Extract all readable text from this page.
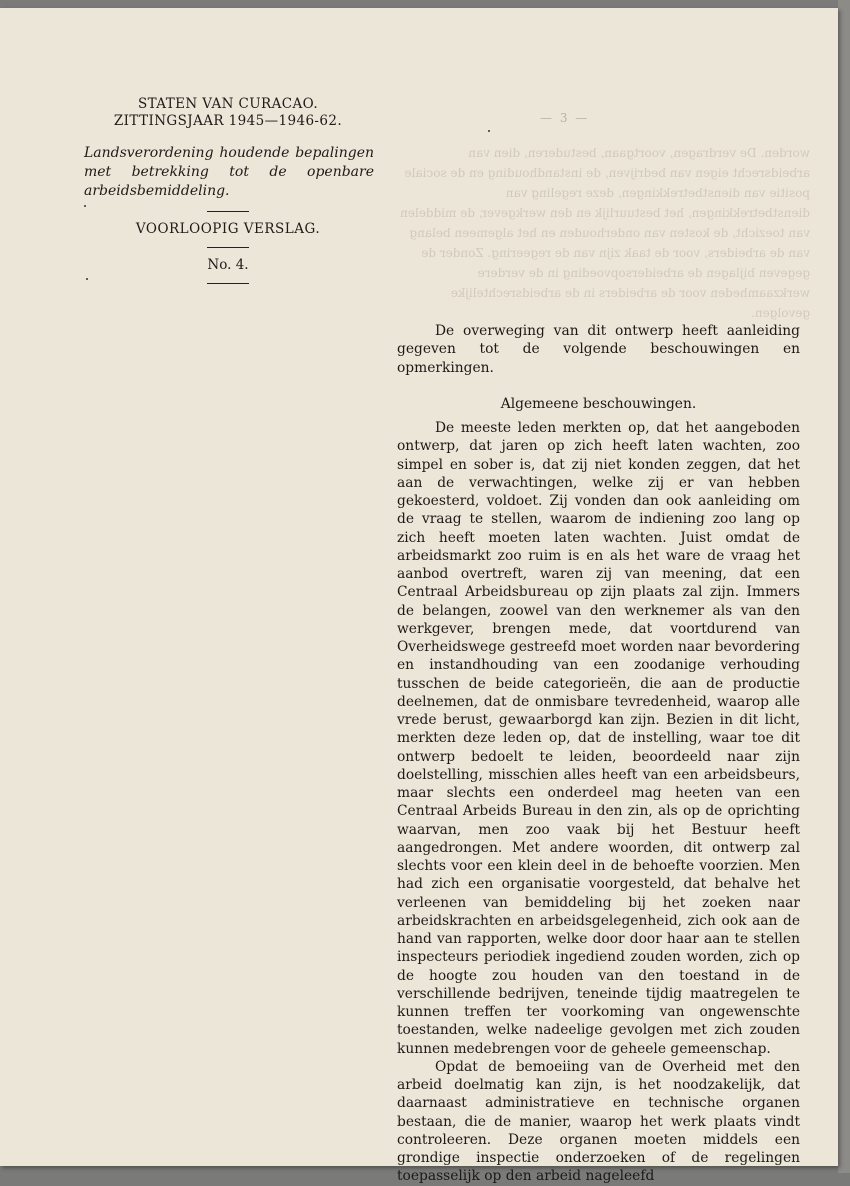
STATEN VAN CURACAO.
ZITTINGSJAAR 1945—1946-62.
Landsverordening houdende bepalingen met betrekking tot de openbare arbeidsbemiddeling.
VOORLOOPIG VERSLAG.
No. 4.
— 3 —
worden. De verdragen, voortgaan, bestuderen, dien van arbeidsrecht eigen van bedrijven, de instandhouding en de sociale positie van dienstbetrekkingen, deze regeling van dienstbetrekkingen, het bestuurlijk en den werkgever, de middelen van toezicht, de kosten van onderhouden en het algemeen belang van de arbeiders, voor de taak zijn van de regeering. Zonder de gegeven bijlagen de arbeidersopvoeding in de verdere werkzaamheden voor de arbeiders in de arbeidsrechtelijke gevolgen.

De overweging van dit ontwerp heeft aanleiding gegeven tot de volgende beschouwingen en opmerkingen.

Algemeene beschouwingen.

De meeste leden merkten op, dat het aangeboden ontwerp, dat jaren op zich heeft laten wachten, zoo simpel en sober is, dat zij niet konden zeggen, dat het aan de verwachtingen, welke zij er van hebben gekoesterd, voldoet. Zij vonden dan ook aanleiding om de vraag te stellen, waarom de indiening zoo lang op zich heeft moeten laten wachten. Juist omdat de arbeidsmarkt zoo ruim is en als het ware de vraag het aanbod overtreft, waren zij van meening, dat een Centraal Arbeidsbureau op zijn plaats zal zijn. Immers de belangen, zoowel van den werknemer als van den werkgever, brengen mede, dat voortdurend van Overheidswege gestreefd moet worden naar bevordering en instandhouding van een zoodanige verhouding tusschen de beide categorieën, die aan de productie deelnemen, dat de onmisbare tevredenheid, waarop alle vrede berust, gewaarborgd kan zijn. Bezien in dit licht, merkten deze leden op, dat de instelling, waar toe dit ontwerp bedoelt te leiden, beoordeeld naar zijn doelstelling, misschien alles heeft van een arbeidsbeurs, maar slechts een onderdeel mag heeten van een Centraal Arbeids Bureau in den zin, als op de oprichting waarvan, men zoo vaak bij het Bestuur heeft aangedrongen. Met andere woorden, dit ontwerp zal slechts voor een klein deel in de behoefte voorzien. Men had zich een organisatie voorgesteld, dat behalve het verleenen van bemiddeling bij het zoeken naar arbeidskrachten en arbeidsgelegenheid, zich ook aan de hand van rapporten, welke door door haar aan te stellen inspecteurs periodiek ingediend zouden worden, zich op de hoogte zou houden van den toestand in de verschillende bedrijven, teneinde tijdig maatregelen te kunnen treffen ter voorkoming van ongewenschte toestanden, welke nadeelige gevolgen met zich zouden kunnen medebrengen voor de geheele gemeenschap.

Opdat de bemoeiing van de Overheid met den arbeid doelmatig kan zijn, is het noodzakelijk, dat daarnaast administratieve en technische organen bestaan, die de manier, waarop het werk plaats vindt controleeren. Deze organen moeten middels een grondige inspectie onderzoeken of de regelingen toepasselijk op den arbeid nageleefd
